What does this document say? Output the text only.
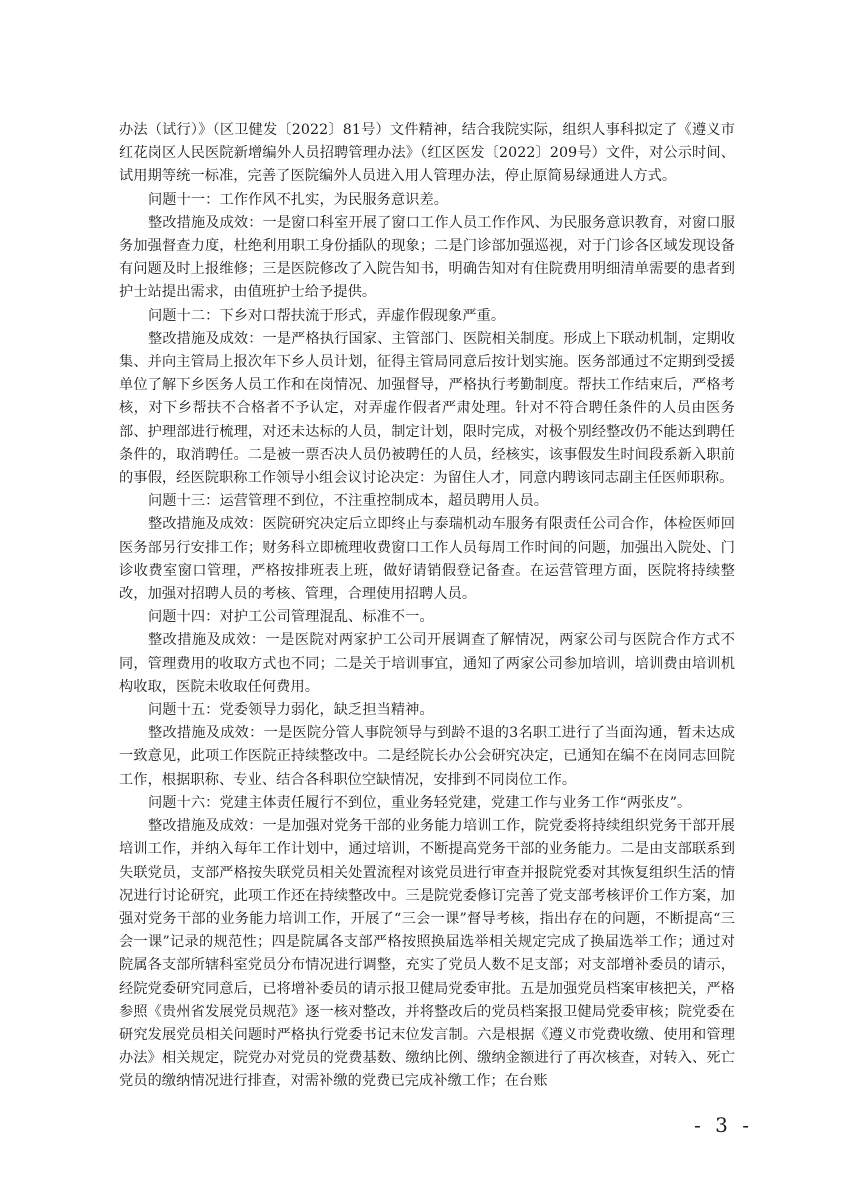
办法（试行）》（区卫健发〔2022〕81号）文件精神，结合我院实际，组织人事科拟定了《遵义市红花岗区人民医院新增编外人员招聘管理办法》（红区医发〔2022〕209号）文件，对公示时间、试用期等统一标准，完善了医院编外人员进入用人管理办法，停止原简易绿通进人方式。

问题十一：工作作风不扎实，为民服务意识差。

整改措施及成效：一是窗口科室开展了窗口工作人员工作作风、为民服务意识教育，对窗口服务加强督查力度，杜绝利用职工身份插队的现象；二是门诊部加强巡视，对于门诊各区域发现设备有问题及时上报维修；三是医院修改了入院告知书，明确告知对有住院费用明细清单需要的患者到护士站提出需求，由值班护士给予提供。

问题十二：下乡对口帮扶流于形式，弄虚作假现象严重。

整改措施及成效：一是严格执行国家、主管部门、医院相关制度。形成上下联动机制，定期收集、并向主管局上报次年下乡人员计划，征得主管局同意后按计划实施。医务部通过不定期到受援单位了解下乡医务人员工作和在岗情况、加强督导，严格执行考勤制度。帮扶工作结束后，严格考核，对下乡帮扶不合格者不予认定，对弄虚作假者严肃处理。针对不符合聘任条件的人员由医务部、护理部进行梳理，对还未达标的人员，制定计划，限时完成，对极个别经整改仍不能达到聘任条件的，取消聘任。二是被一票否决人员仍被聘任的人员，经核实，该事假发生时间段系新入职前的事假，经医院职称工作领导小组会议讨论决定：为留住人才，同意内聘该同志副主任医师职称。

问题十三：运营管理不到位，不注重控制成本，超员聘用人员。

整改措施及成效：医院研究决定后立即终止与泰瑞机动车服务有限责任公司合作，体检医师回医务部另行安排工作；财务科立即梳理收费窗口工作人员每周工作时间的问题，加强出入院处、门诊收费室窗口管理，严格按排班表上班，做好请销假登记备查。在运营管理方面，医院将持续整改，加强对招聘人员的考核、管理，合理使用招聘人员。

问题十四：对护工公司管理混乱、标准不一。

整改措施及成效：一是医院对两家护工公司开展调查了解情况，两家公司与医院合作方式不同，管理费用的收取方式也不同；二是关于培训事宜，通知了两家公司参加培训，培训费由培训机构收取，医院未收取任何费用。

问题十五：党委领导力弱化，缺乏担当精神。

整改措施及成效：一是医院分管人事院领导与到龄不退的3名职工进行了当面沟通，暂未达成一致意见，此项工作医院正持续整改中。二是经院长办公会研究决定，已通知在编不在岗同志回院工作，根据职称、专业、结合各科职位空缺情况，安排到不同岗位工作。

问题十六：党建主体责任履行不到位，重业务轻党建，党建工作与业务工作“两张皮”。

整改措施及成效：一是加强对党务干部的业务能力培训工作，院党委将持续组织党务干部开展培训工作，并纳入每年工作计划中，通过培训，不断提高党务干部的业务能力。二是由支部联系到失联党员，支部严格按失联党员相关处置流程对该党员进行审查并报院党委对其恢复组织生活的情况进行讨论研究，此项工作还在持续整改中。三是院党委修订完善了党支部考核评价工作方案，加强对党务干部的业务能力培训工作，开展了“三会一课”督导考核，指出存在的问题，不断提高“三会一课”记录的规范性；四是院属各支部严格按照换届选举相关规定完成了换届选举工作；通过对院属各支部所辖科室党员分布情况进行调整，充实了党员人数不足支部；对支部增补委员的请示，经院党委研究同意后，已将增补委员的请示报卫健局党委审批。五是加强党员档案审核把关，严格参照《贵州省发展党员规范》逐一核对整改，并将整改后的党员档案报卫健局党委审核；院党委在研究发展党员相关问题时严格执行党委书记末位发言制。六是根据《遵义市党费收缴、使用和管理办法》相关规定，院党办对党员的党费基数、缴纳比例、缴纳金额进行了再次核查，对转入、死亡党员的缴纳情况进行排查，对需补缴的党费已完成补缴工作；在台账

- 3 -
